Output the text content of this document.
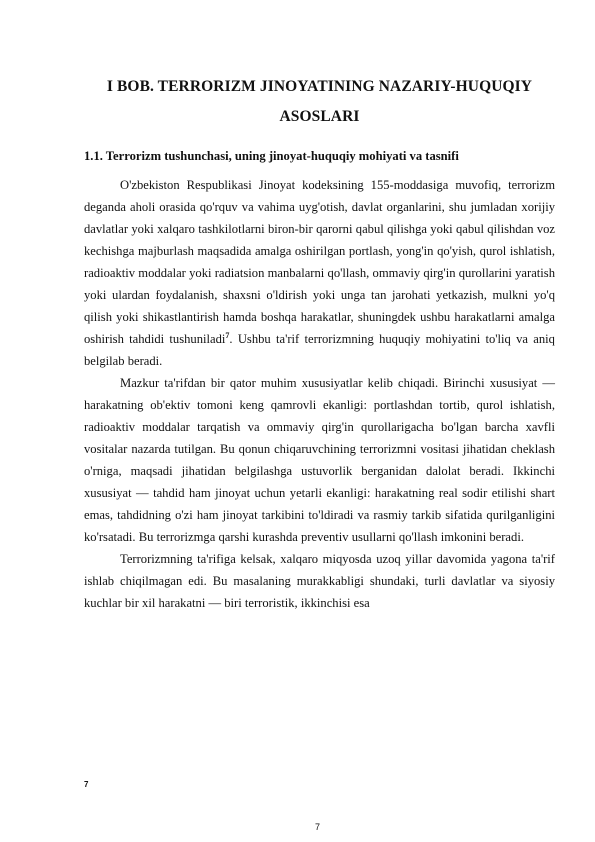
I BOB. TERRORIZM JINOYATINING NAZARIY-HUQUQIY
ASOSLARI
1.1. Terrorizm tushunchasi, uning jinoyat-huquqiy mohiyati va tasnifi

O'zbekiston Respublikasi Jinoyat kodeksining 155-moddasiga muvofiq, terrorizm deganda aholi orasida qo'rquv va vahima uyg'otish, davlat organlarini, shu jumladan xorijiy davlatlar yoki xalqaro tashkilotlarni biron-bir qarorni qabul qilishga yoki qabul qilishdan voz kechishga majburlash maqsadida amalga oshirilgan portlash, yong'in qo'yish, qurol ishlatish, radioaktiv moddalar yoki radiatsion manbalarni qo'llash, ommaviy qirg'in qurollarini yaratish yoki ulardan foydalanish, shaxsni o'ldirish yoki unga tan jarohati yetkazish, mulkni yo'q qilish yoki shikastlantirish hamda boshqa harakatlar, shuningdek ushbu harakatlarni amalga oshirish tahdidi tushuniladi$^7$. Ushbu ta'rif terrorizmning huquqiy mohiyatini to'liq va aniq belgilab beradi.

Mazkur ta'rifdan bir qator muhim xususiyatlar kelib chiqadi. Birinchi xususiyat — harakatning ob'ektiv tomoni keng qamrovli ekanligi: portlashdan tortib, qurol ishlatish, radioaktiv moddalar tarqatish va ommaviy qirg'in qurollarigacha bo'lgan barcha xavfli vositalar nazarda tutilgan. Bu qonun chiqaruvchining terrorizmni vositasi jihatidan cheklash o'rniga, maqsadi jihatidan belgilashga ustuvorlik berganidan dalolat beradi. Ikkinchi xususiyat — tahdid ham jinoyat uchun yetarli ekanligi: harakatning real sodir etilishi shart emas, tahdidning o'zi ham jinoyat tarkibini to'ldiradi va rasmiy tarkib sifatida qurilganligini ko'rsatadi. Bu terrorizmga qarshi kurashda preventiv usullarni qo'llash imkonini beradi.

Terrorizmning ta'rifiga kelsak, xalqaro miqyosda uzoq yillar davomida yagona ta'rif ishlab chiqilmagan edi. Bu masalaning murakkabligi shundaki, turli davlatlar va siyosiy kuchlar bir xil harakatni — biri terroristik, ikkinchisi esa

7
7
